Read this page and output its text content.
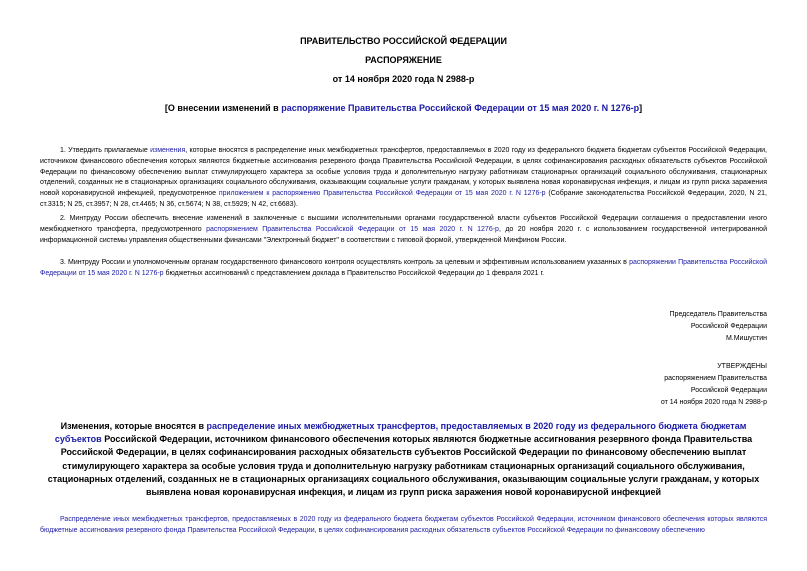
ПРАВИТЕЛЬСТВО РОССИЙСКОЙ ФЕДЕРАЦИИ
РАСПОРЯЖЕНИЕ
от 14 ноября 2020 года N 2988-р
[О внесении изменений в распоряжение Правительства Российской Федерации от 15 мая 2020 г. N 1276-р]
1. Утвердить прилагаемые изменения, которые вносятся в распределение иных межбюджетных трансфертов, предоставляемых в 2020 году из федерального бюджета бюджетам субъектов Российской Федерации, источником финансового обеспечения которых являются бюджетные ассигнования резервного фонда Правительства Российской Федерации, в целях софинансирования расходных обязательств субъектов Российской Федерации по финансовому обеспечению выплат стимулирующего характера за особые условия труда и дополнительную нагрузку работникам стационарных организаций социального обслуживания, стационарных отделений, созданных не в стационарных организациях социального обслуживания, оказывающим социальные услуги гражданам, у которых выявлена новая коронавирусная инфекция, и лицам из групп риска заражения новой коронавирусной инфекцией, предусмотренное приложением к распоряжению Правительства Российской Федерации от 15 мая 2020 г. N 1276-р (Собрание законодательства Российской Федерации, 2020, N 21, ст.3315; N 25, ст.3957; N 28, ст.4465; N 36, ст.5674; N 38, ст.5929; N 42, ст.6683).
2. Минтруду России обеспечить внесение изменений в заключенные с высшими исполнительными органами государственной власти субъектов Российской Федерации соглашения о предоставлении иного межбюджетного трансферта, предусмотренного распоряжением Правительства Российской Федерации от 15 мая 2020 г. N 1276-р, до 20 ноября 2020 г. с использованием государственной интегрированной информационной системы управления общественными финансами "Электронный бюджет" в соответствии с типовой формой, утвержденной Минфином России.
3. Минтруду России и уполномоченным органам государственного финансового контроля осуществлять контроль за целевым и эффективным использованием указанных в распоряжении Правительства Российской Федерации от 15 мая 2020 г. N 1276-р бюджетных ассигнований с представлением доклада в Правительство Российской Федерации до 1 февраля 2021 г.
Председатель Правительства
Российской Федерации
М.Мишустин
УТВЕРЖДЕНЫ
распоряжением Правительства
Российской Федерации
от 14 ноября 2020 года N 2988-р
Изменения, которые вносятся в распределение иных межбюджетных трансфертов, предоставляемых в 2020 году из федерального бюджета бюджетам субъектов Российской Федерации, источником финансового обеспечения которых являются бюджетные ассигнования резервного фонда Правительства Российской Федерации, в целях софинансирования расходных обязательств субъектов Российской Федерации по финансовому обеспечению выплат стимулирующего характера за особые условия труда и дополнительную нагрузку работникам стационарных организаций социального обслуживания, стационарных отделений, созданных не в стационарных организациях социального обслуживания, оказывающим социальные услуги гражданам, у которых выявлена новая коронавирусная инфекция, и лицам из групп риска заражения новой коронавирусной инфекцией
Распределение иных межбюджетных трансфертов, предоставляемых в 2020 году из федерального бюджета бюджетам субъектов Российской Федерации, источником финансового обеспечения которых являются бюджетные ассигнования резервного фонда Правительства Российской Федерации, в целях софинансирования расходных обязательств субъектов Российской Федерации по финансовому обеспечению
